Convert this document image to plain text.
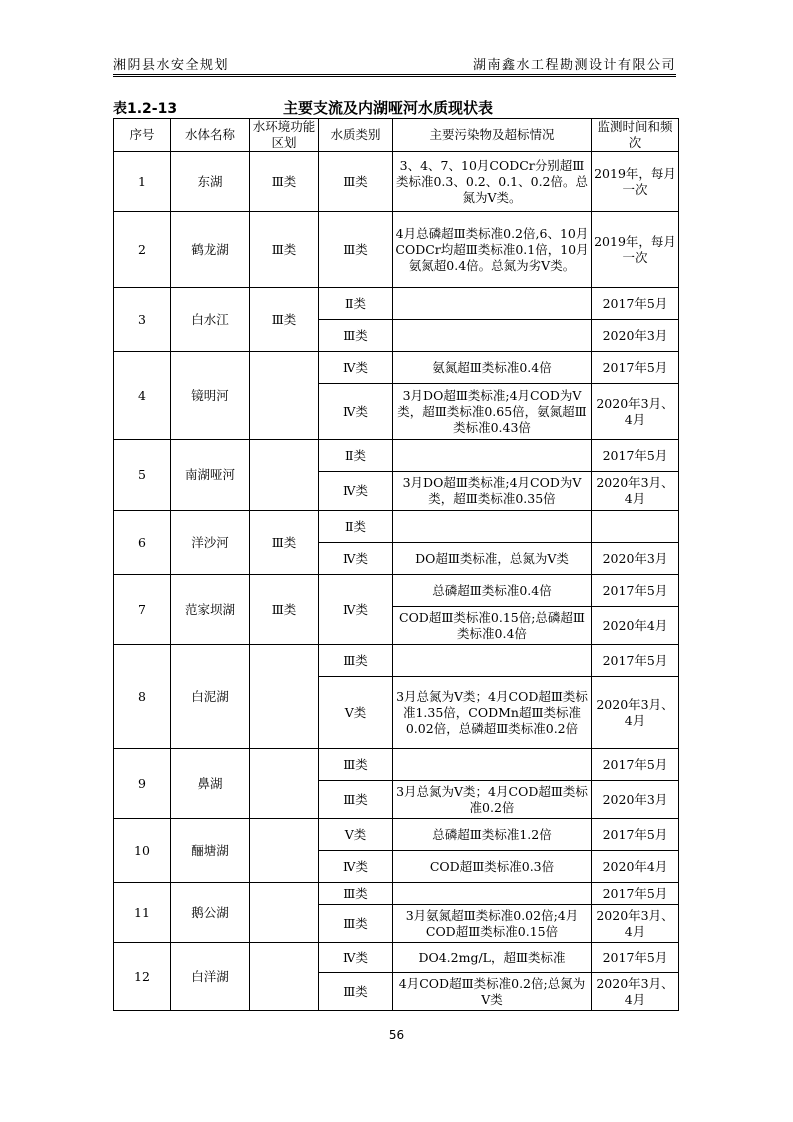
湘阴县水安全规划	湖南鑫水工程勘测设计有限公司
表1.2-13	主要支流及内湖哑河水质现状表
序号	水体名称	水环境功能区划	水质类别	主要污染物及超标情况	监测时间和频次
1	东湖	Ⅲ类	Ⅲ类	3、4、7、10月CODCr分别超Ⅲ类标准0.3、0.2、0.1、0.2倍。总氮为Ⅴ类。	2019年，每月一次
2	鹤龙湖	Ⅲ类	Ⅲ类	4月总磷超Ⅲ类标准0.2倍,6、10月CODCr均超Ⅲ类标准0.1倍，10月氨氮超0.4倍。总氮为劣Ⅴ类。	2019年，每月一次
3	白水江	Ⅲ类	Ⅱ类		2017年5月
			Ⅲ类		2020年3月
4	镜明河		Ⅳ类	氨氮超Ⅲ类标准0.4倍	2017年5月
			Ⅳ类	3月DO超Ⅲ类标准;4月COD为Ⅴ类，超Ⅲ类标准0.65倍，氨氮超Ⅲ类标准0.43倍	2020年3月、4月
5	南湖哑河		Ⅱ类		2017年5月
			Ⅳ类	3月DO超Ⅲ类标准;4月COD为Ⅴ类，超Ⅲ类标准0.35倍	2020年3月、4月
6	洋沙河	Ⅲ类	Ⅱ类		
			Ⅳ类	DO超Ⅲ类标准，总氮为Ⅴ类	2020年3月
7	范家坝湖	Ⅲ类	Ⅳ类	总磷超Ⅲ类标准0.4倍	2017年5月
				COD超Ⅲ类标准0.15倍;总磷超Ⅲ类标准0.4倍	2020年4月
8	白泥湖		Ⅲ类		2017年5月
			Ⅴ类	3月总氮为Ⅴ类；4月COD超Ⅲ类标准1.35倍，CODMn超Ⅲ类标准0.02倍，总磷超Ⅲ类标准0.2倍	2020年3月、4月
9	鼻湖		Ⅲ类		2017年5月
			Ⅲ类	3月总氮为Ⅴ类；4月COD超Ⅲ类标准0.2倍	2020年3月
10	酾塘湖		Ⅴ类	总磷超Ⅲ类标准1.2倍	2017年5月
			Ⅳ类	COD超Ⅲ类标准0.3倍	2020年4月
11	鹅公湖		Ⅲ类		2017年5月
			Ⅲ类	3月氨氮超Ⅲ类标准0.02倍;4月COD超Ⅲ类标准0.15倍	2020年3月、4月
12	白洋湖		Ⅳ类	DO4.2mg/L，超Ⅲ类标准	2017年5月
			Ⅲ类	4月COD超Ⅲ类标准0.2倍;总氮为Ⅴ类	2020年3月、4月
56
